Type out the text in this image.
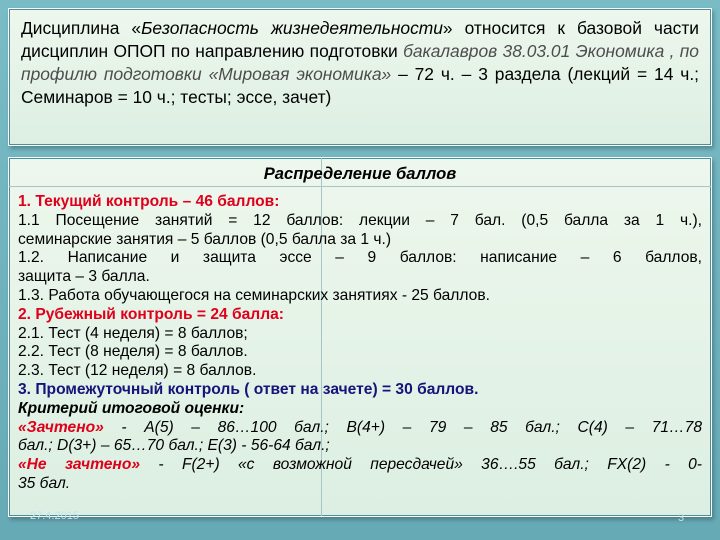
Дисциплина «Безопасность жизнедеятельности» относится к базовой части дисциплин ОПОП по направлению подготовки бакалавров 38.03.01 Экономика , по профилю подготовки «Мировая экономика» – 72 ч. – 3 раздела (лекций = 14 ч.; Семинаров = 10 ч.; тесты; эссе, зачет)

Распределение баллов

1. Текущий контроль – 46 баллов:

1.1 Посещение занятий = 12 баллов: лекции – 7 бал. (0,5 балла за 1 ч.),

семинарские занятия – 5 баллов (0,5 балла за 1 ч.)

1.2. Написание и защита эссе – 9 баллов: написание – 6 баллов,

защита – 3 балла.

1.3. Работа обучающегося на семинарских занятиях - 25 баллов.

2. Рубежный контроль = 24 балла:

2.1. Тест (4 неделя) = 8 баллов;

2.2. Тест (8 неделя) = 8 баллов.

2.3. Тест (12 неделя) = 8 баллов.

3. Промежуточный контроль ( ответ на зачете) = 30 баллов.

Критерий итоговой оценки:

«Зачтено» - A(5) – 86…100 бал.; B(4+) – 79 – 85 бал.; C(4) – 71…78

бал.; D(3+) – 65…70 бал.; E(3) - 56-64 бал.;

«Не зачтено» - F(2+) «с возможной пересдачей» 36….55 бал.; FX(2) - 0-

35 бал.

27.4.2015	3
